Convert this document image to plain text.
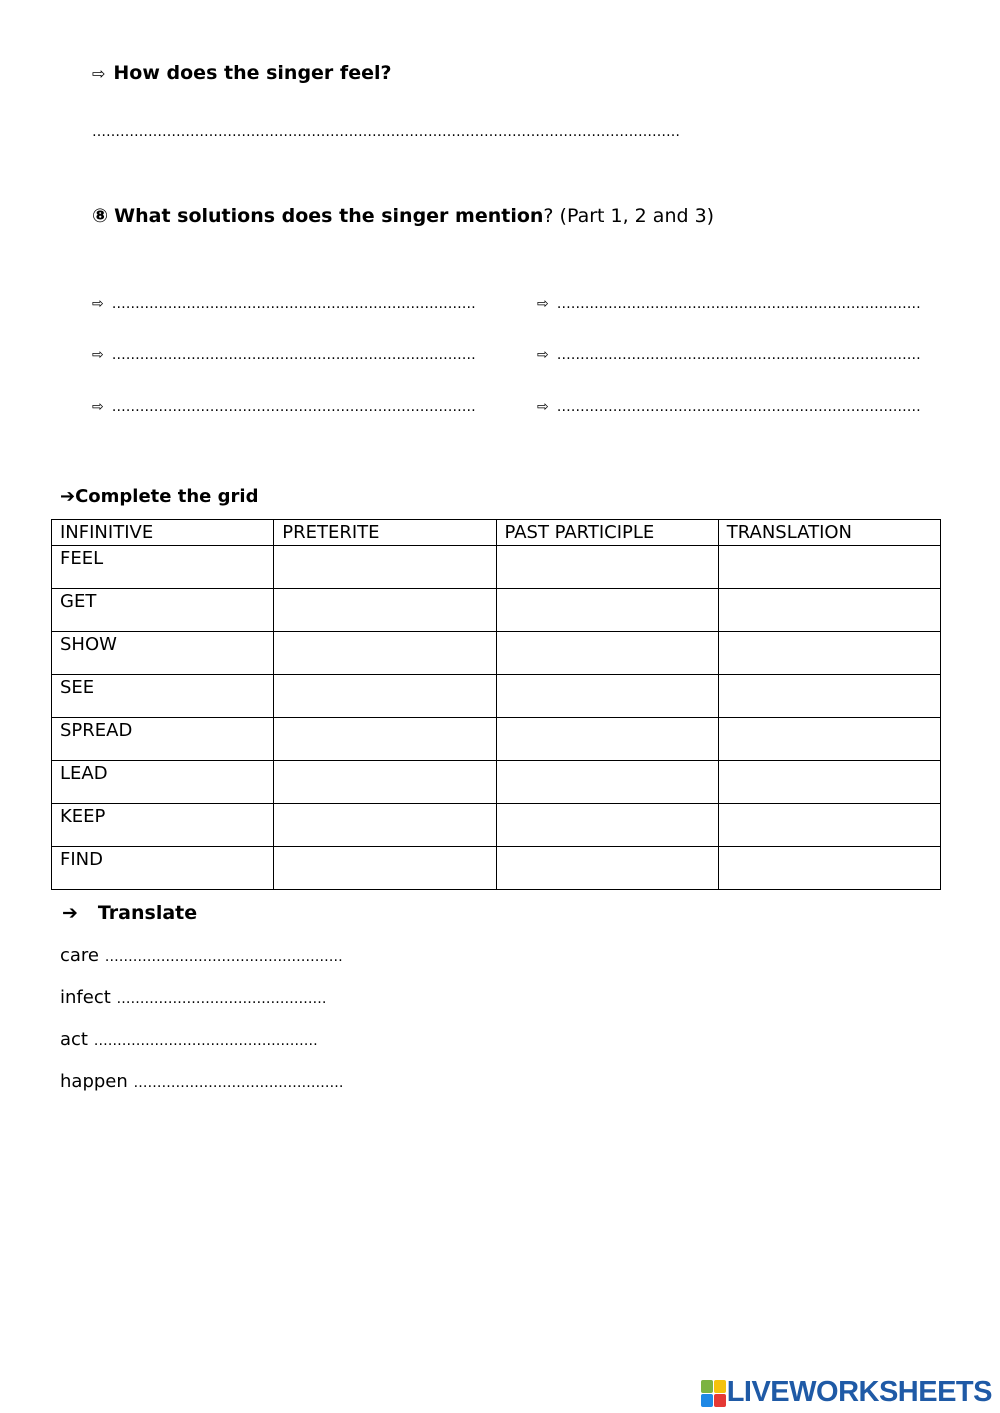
⇨ How does the singer feel?
………………………………………………………………………………………………………………
⑧ What solutions does the singer mention? (Part 1, 2 and 3)
⇨ ……………………………………………………………………	⇨ ……………………………………………………………………
⇨ ……………………………………………………………………	⇨ ……………………………………………………………………
⇨ ……………………………………………………………………	⇨ ……………………………………………………………………
➔Complete the grid
INFINITIVE	PRETERITE	PAST PARTICIPLE	TRANSLATION
FEEL			
GET			
SHOW			
SEE			
SPREAD			
LEAD			
KEEP			
FIND			
➔ Translate
care ……………………………………………
infect ………………………………………
act …………………………………………
happen ………………………………………
LIVEWORKSHEETS
